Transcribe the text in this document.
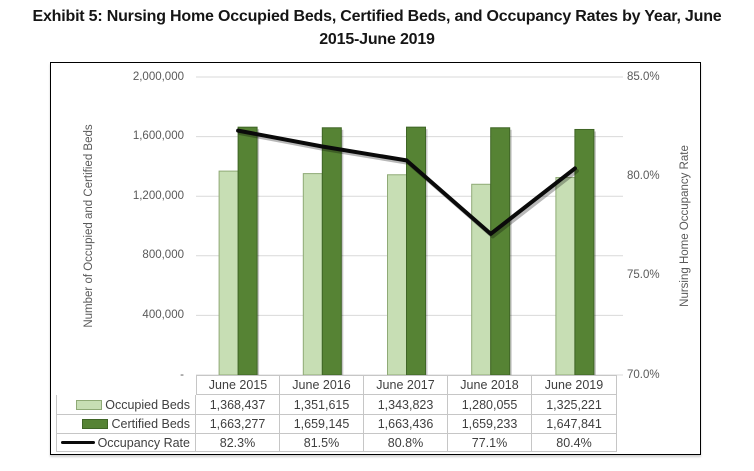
Exhibit 5: Nursing Home Occupied Beds, Certified Beds, and Occupancy Rates by Year, June
2015-June 2019
2,000,000
1,600,000
1,200,000
800,000
400,000
-
85.0%
80.0%
75.0%
70.0%
Number of Occupied and Certified Beds	Nursing Home Occupancy Rate
June 2015	June 2016	June 2017	June 2018	June 2019
Occupied Beds	1,368,437	1,351,615	1,343,823	1,280,055	1,325,221
Certified Beds	1,663,277	1,659,145	1,663,436	1,659,233	1,647,841
Occupancy Rate	82.3%	81.5%	80.8%	77.1%	80.4%
